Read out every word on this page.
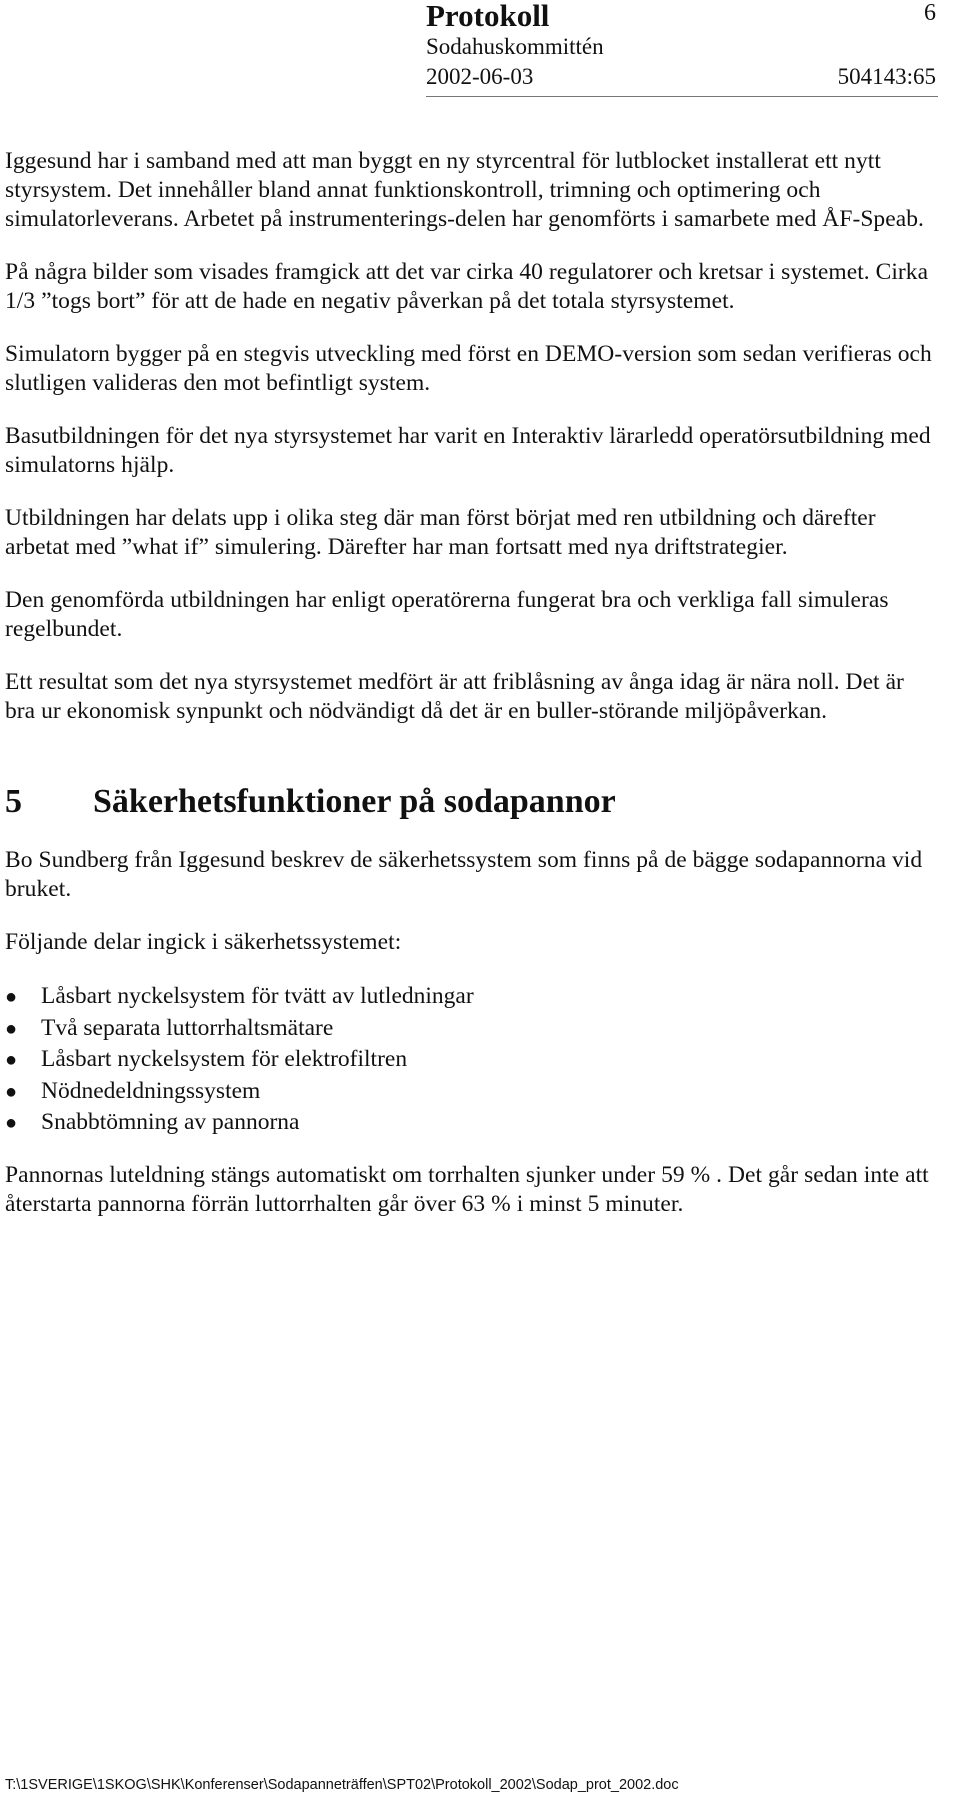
Protokoll	6
Sodahuskommittén
2002-06-03	504143:65

Iggesund har i samband med att man byggt en ny styrcentral för lutblocket installerat ett nytt styrsystem. Det innehåller bland annat funktionskontroll, trimning och optimering och simulatorleverans. Arbetet på instrumenterings-delen har genomförts i samarbete med ÅF-Speab.

På några bilder som visades framgick att det var cirka 40 regulatorer och kretsar i systemet. Cirka 1/3 ”togs bort” för att de hade en negativ påverkan på det totala styrsystemet.

Simulatorn bygger på en stegvis utveckling med först en DEMO-version som sedan verifieras och slutligen valideras den mot befintligt system.

Basutbildningen för det nya styrsystemet har varit en Interaktiv lärarledd operatörsutbildning med simulatorns hjälp.

Utbildningen har delats upp i olika steg där man först börjat med ren utbildning och därefter arbetat med ”what if” simulering. Därefter har man fortsatt med nya driftstrategier.

Den genomförda utbildningen har enligt operatörerna fungerat bra och verkliga fall simuleras regelbundet.

Ett resultat som det nya styrsystemet medfört är att friblåsning av ånga idag är nära noll. Det är bra ur ekonomisk synpunkt och nödvändigt då det är en buller-störande miljöpåverkan.

5	Säkerhetsfunktioner på sodapannor

Bo Sundberg från Iggesund beskrev de säkerhetssystem som finns på de bägge sodapannorna vid bruket.

Följande delar ingick i säkerhetssystemet:

●	Låsbart nyckelsystem för tvätt av lutledningar
●	Två separata luttorrhaltsmätare
●	Låsbart nyckelsystem för elektrofiltren
●	Nödnedeldningssystem
●	Snabbtömning av pannorna

Pannornas luteldning stängs automatiskt om torrhalten sjunker under 59 % . Det går sedan inte att återstarta pannorna förrän luttorrhalten går över 63 % i minst 5 minuter.

T:\1SVERIGE\1SKOG\SHK\Konferenser\Sodapanneträffen\SPT02\Protokoll_2002\Sodap_prot_2002.doc
